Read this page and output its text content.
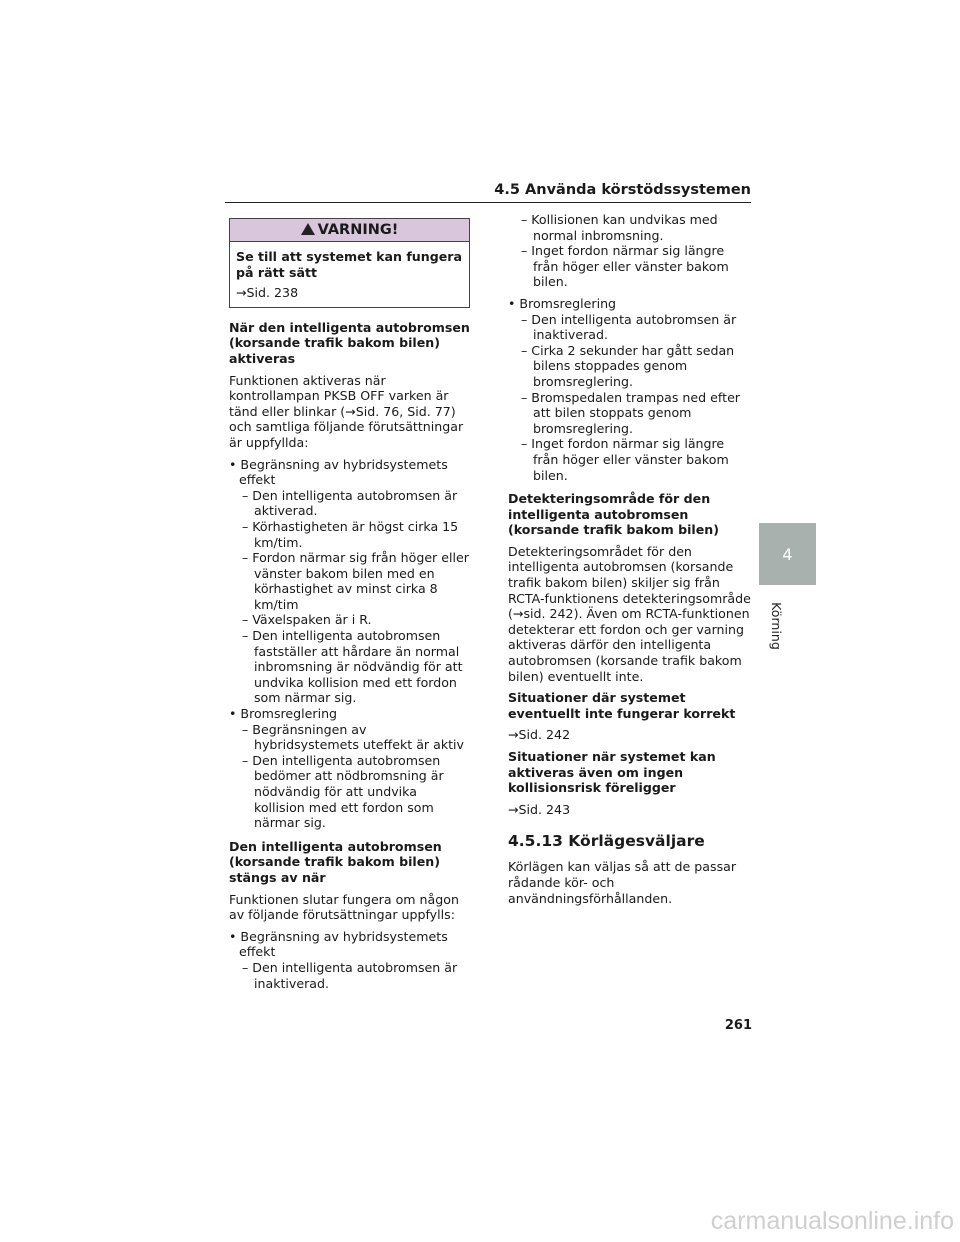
4.5 Använda körstödssystemen
VARNING!
Se till att systemet kan fungera på rätt sätt
→Sid. 238

När den intelligenta autobromsen (korsande trafik bakom bilen) aktiveras

Funktionen aktiveras när kontrollampan PKSB OFF varken är tänd eller blinkar (→Sid. 76, Sid. 77) och samtliga följande förutsättningar är uppfyllda:

• Begränsning av hybridsystemets effekt
– Den intelligenta autobromsen är aktiverad.
– Körhastigheten är högst cirka 15 km/tim.
– Fordon närmar sig från höger eller vänster bakom bilen med en körhastighet av minst cirka 8 km/tim
– Växelspaken är i R.
– Den intelligenta autobromsen fastställer att hårdare än normal inbromsning är nödvändig för att undvika kollision med ett fordon som närmar sig.
• Bromsreglering
– Begränsningen av hybridsystemets uteffekt är aktiv
– Den intelligenta autobromsen bedömer att nödbromsning är nödvändig för att undvika kollision med ett fordon som närmar sig.

Den intelligenta autobromsen (korsande trafik bakom bilen) stängs av när

Funktionen slutar fungera om någon av följande förutsättningar uppfylls:

• Begränsning av hybridsystemets effekt
– Den intelligenta autobromsen är inaktiverad.
– Kollisionen kan undvikas med normal inbromsning.
– Inget fordon närmar sig längre från höger eller vänster bakom bilen.
• Bromsreglering
– Den intelligenta autobromsen är inaktiverad.
– Cirka 2 sekunder har gått sedan bilens stoppades genom bromsreglering.
– Bromspedalen trampas ned efter att bilen stoppats genom bromsreglering.
– Inget fordon närmar sig längre från höger eller vänster bakom bilen.

Detekteringsområde för den intelligenta autobromsen (korsande trafik bakom bilen)

Detekteringsområdet för den intelligenta autobromsen (korsande trafik bakom bilen) skiljer sig från RCTA-funktionens detekteringsområde (→sid. 242). Även om RCTA-funktionen detekterar ett fordon och ger varning aktiveras därför den intelligenta autobromsen (korsande trafik bakom bilen) eventuellt inte.

Situationer där systemet eventuellt inte fungerar korrekt

→Sid. 242

Situationer när systemet kan aktiveras även om ingen kollisionsrisk föreligger

→Sid. 243

4.5.13 Körlägesväljare

Körlägen kan väljas så att de passar rådande kör- och användningsförhållanden.

4
Körning
261
carmanualsonline.info
